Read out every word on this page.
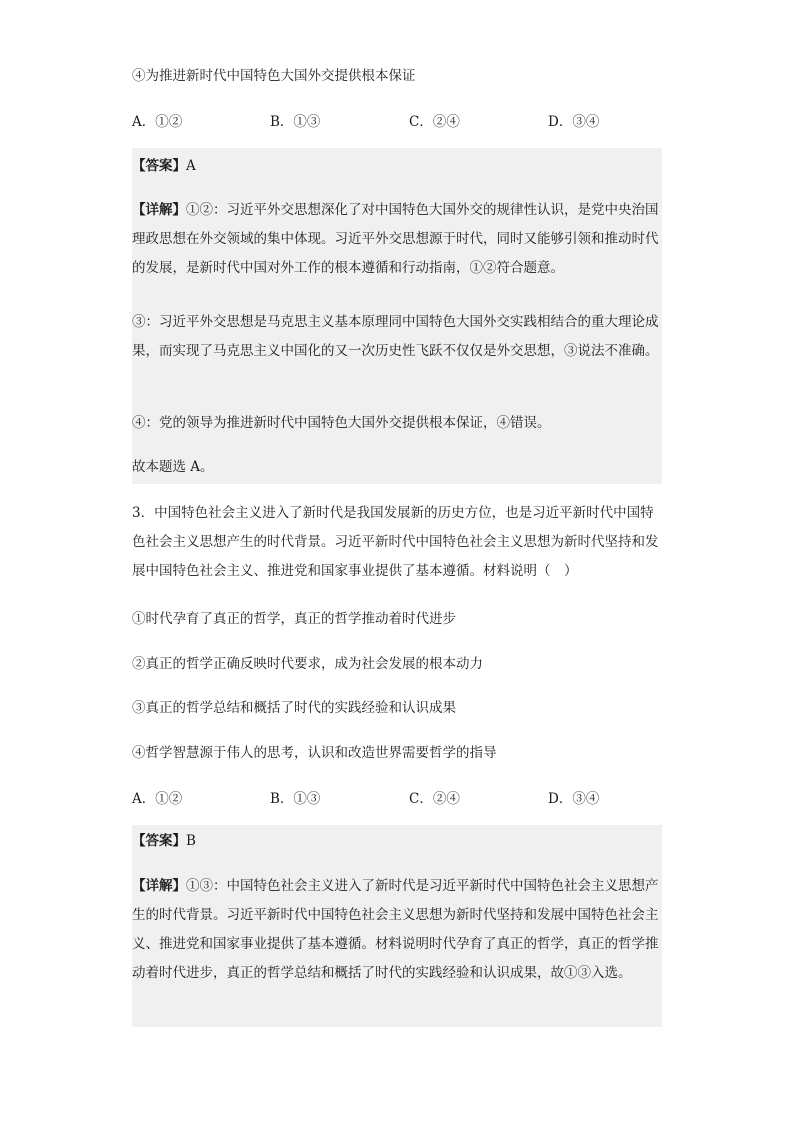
④为推进新时代中国特色大国外交提供根本保证

A．①②	B．①③	C．②④	D．③④

【答案】A

【详解】①②：习近平外交思想深化了对中国特色大国外交的规律性认识，是党中央治国理政思想在外交领域的集中体现。习近平外交思想源于时代，同时又能够引领和推动时代的发展，是新时代中国对外工作的根本遵循和行动指南，①②符合题意。

③：习近平外交思想是马克思主义基本原理同中国特色大国外交实践相结合的重大理论成果，而实现了马克思主义中国化的又一次历史性飞跃不仅仅是外交思想，③说法不准确。

④：党的领导为推进新时代中国特色大国外交提供根本保证，④错误。

故本题选 A。

3．中国特色社会主义进入了新时代是我国发展新的历史方位，也是习近平新时代中国特色社会主义思想产生的时代背景。习近平新时代中国特色社会主义思想为新时代坚持和发展中国特色社会主义、推进党和国家事业提供了基本遵循。材料说明（　）

①时代孕育了真正的哲学，真正的哲学推动着时代进步

②真正的哲学正确反映时代要求，成为社会发展的根本动力

③真正的哲学总结和概括了时代的实践经验和认识成果

④哲学智慧源于伟人的思考，认识和改造世界需要哲学的指导

A．①②	B．①③	C．②④	D．③④

【答案】B

【详解】①③：中国特色社会主义进入了新时代是习近平新时代中国特色社会主义思想产生的时代背景。习近平新时代中国特色社会主义思想为新时代坚持和发展中国特色社会主义、推进党和国家事业提供了基本遵循。材料说明时代孕育了真正的哲学，真正的哲学推动着时代进步，真正的哲学总结和概括了时代的实践经验和认识成果，故①③入选。
